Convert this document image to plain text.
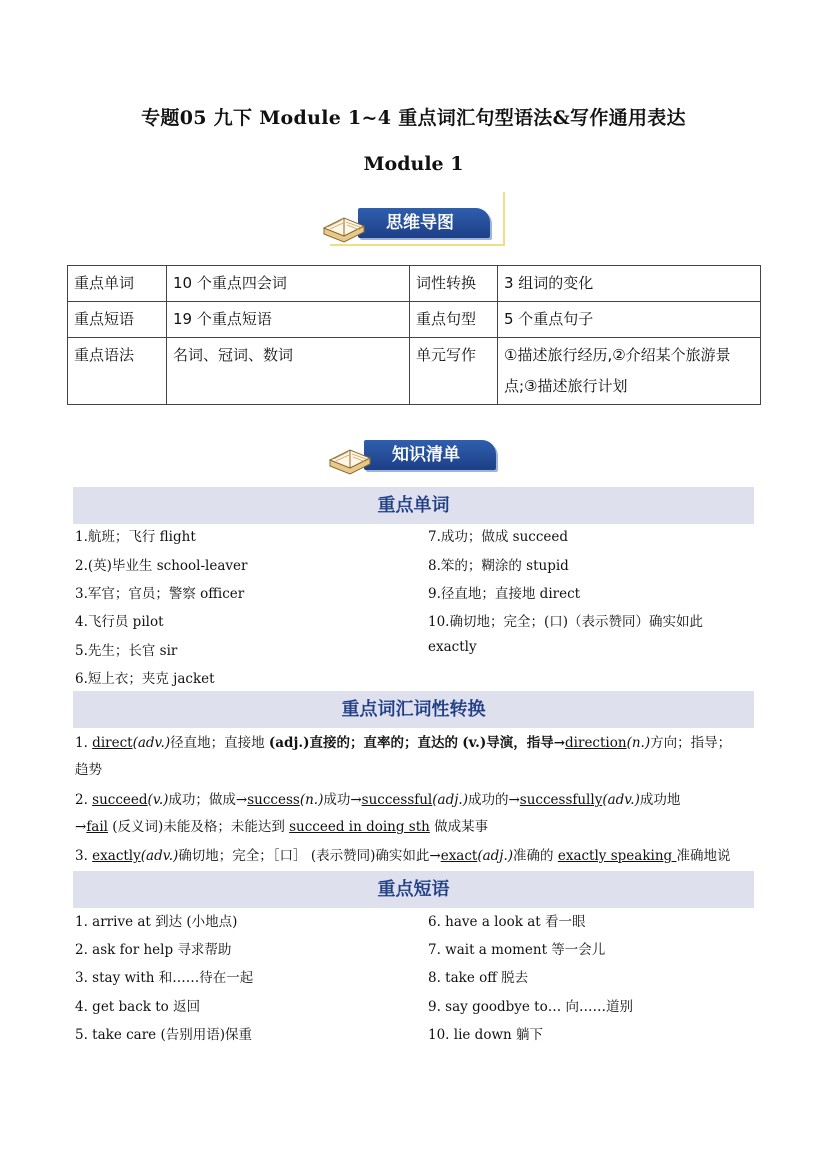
专题05 九下 Module 1~4 重点词汇句型语法&写作通用表达
Module 1
思维导图
重点单词	10 个重点四会词	词性转换	3 组词的变化
重点短语	19 个重点短语	重点句型	5 个重点句子
重点语法	名词、冠词、数词	单元写作	①描述旅行经历,②介绍某个旅游景点;③描述旅行计划
知识清单
重点单词
1.航班；飞行 flight
2.(英)毕业生 school-leaver
3.军官；官员；警察 officer
4.飞行员 pilot
5.先生；长官 sir
6.短上衣；夹克 jacket
7.成功；做成 succeed
8.笨的；糊涂的 stupid
9.径直地；直接地 direct
10.确切地；完全；(口)（表示赞同）确实如此
exactly
重点词汇词性转换
1. direct(adv.)径直地；直接地 (adj.)直接的；直率的；直达的 (v.)导演，指导→direction(n.)方向；指导；
趋势
2. succeed(v.)成功；做成→success(n.)成功→successful(adj.)成功的→successfully(adv.)成功地
→fail (反义词)未能及格；未能达到 succeed in doing sth 做成某事
3. exactly(adv.)确切地；完全；［口］ (表示赞同)确实如此→exact(adj.)准确的 exactly speaking 准确地说
重点短语
1. arrive at 到达 (小地点)
2. ask for help 寻求帮助
3. stay with 和……待在一起
4. get back to 返回
5. take care (告别用语)保重
6. have a look at 看一眼
7. wait a moment 等一会儿
8. take off 脱去
9. say goodbye to… 向……道别
10. lie down 躺下
